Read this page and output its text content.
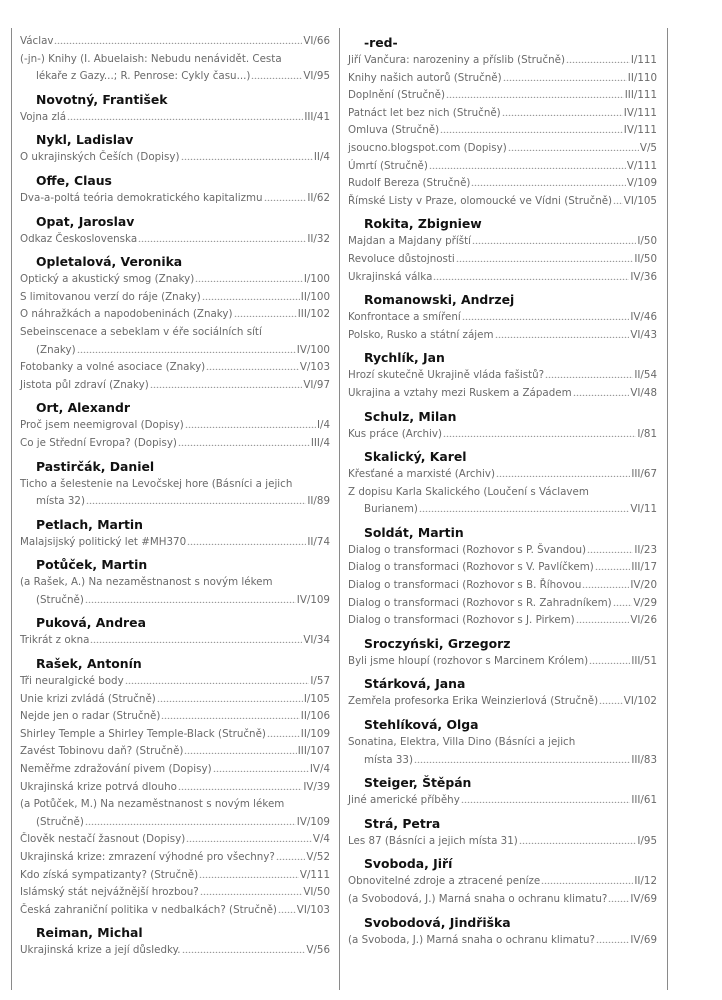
Václav	VI/66
(-jn-) Knihy (I. Abuelaish: Nebudu nenávidět. Cesta
lékaře z Gazy...; R. Penrose: Cykly času...)	VI/95
Novotný, František
Vojna zlá	III/41
Nykl, Ladislav
O ukrajinských Češích (Dopisy)	II/4
Offe, Claus
Dva-a-poltá teória demokratického kapitalizmu	II/62
Opat, Jaroslav
Odkaz Československa	II/32
Opletalová, Veronika
Optický a akustický smog (Znaky)	I/100
S limitovanou verzí do ráje (Znaky)	II/100
O náhražkách a napodobeninách (Znaky)	III/102
Sebeinscenace a sebeklam v éře sociálních sítí
(Znaky)	IV/100
Fotobanky a volné asociace (Znaky)	V/103
Jistota půl zdraví (Znaky)	VI/97
Ort, Alexandr
Proč jsem neemigroval (Dopisy)	I/4
Co je Střední Evropa? (Dopisy)	III/4
Pastirčák, Daniel
Ticho a šelestenie na Levočskej hore (Básníci a jejich
místa 32)	II/89
Petlach, Martin
Malajsijský politický let #MH370	II/74
Potůček, Martin
(a Rašek, A.) Na nezaměstnanost s novým lékem
(Stručně)	IV/109
Puková, Andrea
Trikrát z okna	VI/34
Rašek, Antonín
Tři neuralgické body	I/57
Unie krizi zvládá (Stručně)	I/105
Nejde jen o radar (Stručně)	II/106
Shirley Temple a Shirley Temple-Black (Stručně)	II/109
Zavést Tobinovu daň? (Stručně)	III/107
Neměřme zdražování pivem (Dopisy)	IV/4
Ukrajinská krize potrvá dlouho	IV/39
(a Potůček, M.) Na nezaměstnanost s novým lékem
(Stručně)	IV/109
Člověk nestačí žasnout (Dopisy)	V/4
Ukrajinská krize: zmrazení výhodné pro všechny?	V/52
Kdo získá sympatizanty? (Stručně)	V/111
Islámský stát nejvážnější hrozbou?	VI/50
Česká zahraniční politika v nedbalkách? (Stručně) VI/103
Reiman, Michal
Ukrajinská krize a její důsledky.	V/56
-red-
Jiří Vančura: narozeniny a příslib (Stručně)	I/111
Knihy našich autorů (Stručně)	II/110
Doplnění (Stručně)	III/111
Patnáct let bez nich (Stručně)	IV/111
Omluva (Stručně)	IV/111
jsoucno.blogspot.com (Dopisy)	V/5
Úmrtí (Stručně)	V/111
Rudolf Bereza (Stručně)	V/109
Římské Listy v Praze, olomoucké ve Vídni (Stručně) VI/105
Rokita, Zbigniew
Majdan a Majdany příští	I/50
Revoluce důstojnosti	II/50
Ukrajinská válka	IV/36
Romanowski, Andrzej
Konfrontace a smíření	IV/46
Polsko, Rusko a státní zájem	VI/43
Rychlík, Jan
Hrozí skutečně Ukrajině vláda fašistů?	II/54
Ukrajina a vztahy mezi Ruskem a Západem	VI/48
Schulz, Milan
Kus práce (Archiv)	I/81
Skalický, Karel
Křesťané a marxisté (Archiv)	III/67
Z dopisu Karla Skalického (Loučení s Václavem
Burianem)	VI/11
Soldát, Martin
Dialog o transformaci (Rozhovor s P. Švandou)	II/23
Dialog o transformaci (Rozhovor s V. Pavlíčkem)	III/17
Dialog o transformaci (Rozhovor s B. Říhovou	IV/20
Dialog o transformaci (Rozhovor s R. Zahradníkem) V/29
Dialog o transformaci (Rozhovor s J. Pirkem)	VI/26
Sroczyński, Grzegorz
Byli jsme hloupí (rozhovor s Marcinem Królem)	III/51
Stárková, Jana
Zemřela profesorka Erika Weinzierlová (Stručně) VI/102
Stehlíková, Olga
Sonatina, Elektra, Villa Dino (Básníci a jejich
místa 33)	III/83
Steiger, Štěpán
Jiné americké příběhy	III/61
Strá, Petra
Les 87 (Básníci a jejich místa 31)	I/95
Svoboda, Jiří
Obnovitelné zdroje a ztracené peníze	II/12
(a Svobodová, J.) Marná snaha o ochranu klimatu? IV/69
Svobodová, Jindřiška
(a Svoboda, J.) Marná snaha o ochranu klimatu?	IV/69
